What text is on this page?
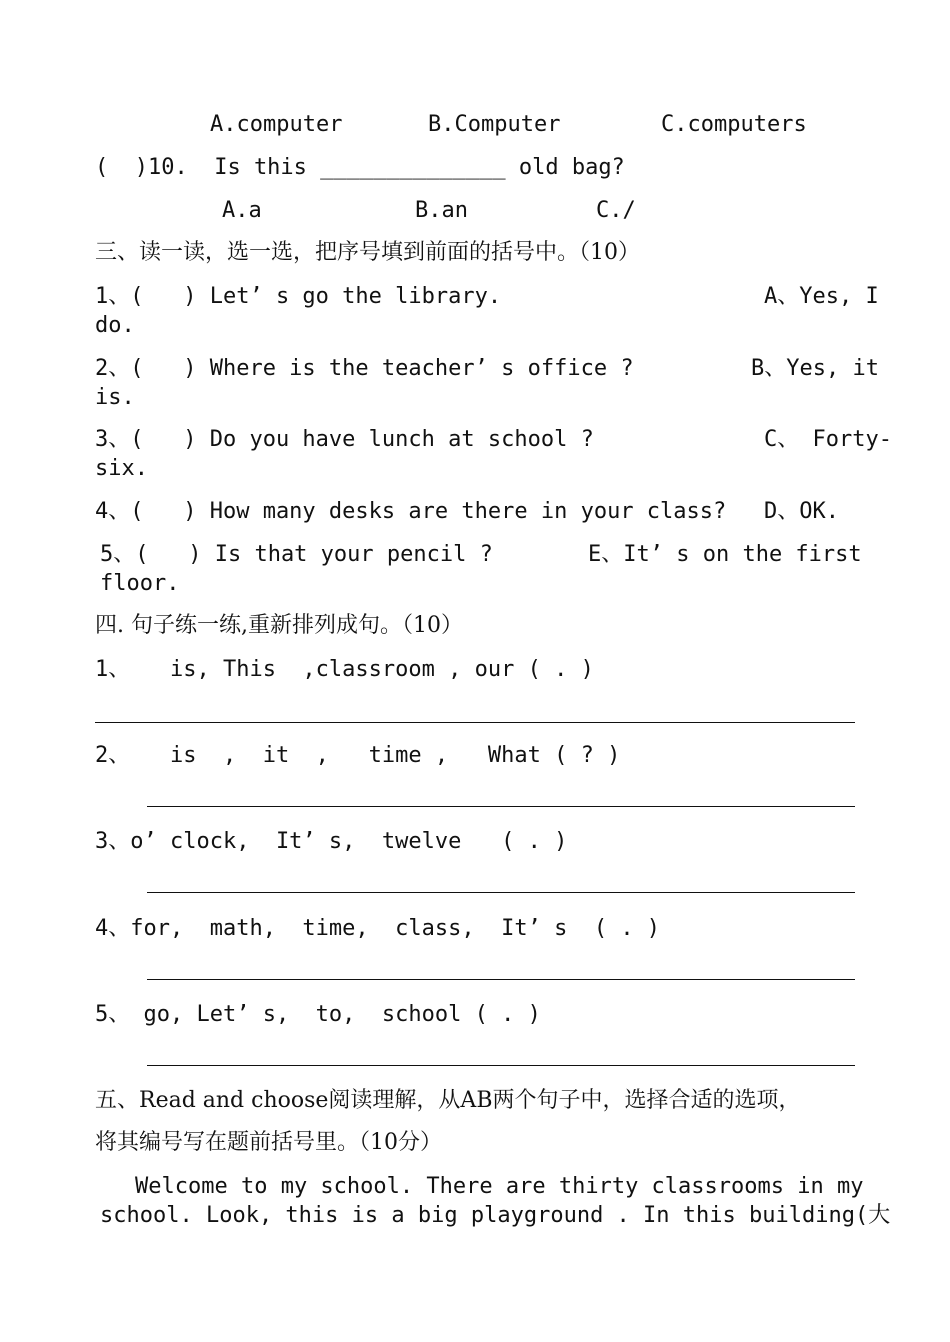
A.computer	B.Computer	C.computers
(  )10.  Is this ______________ old bag?
A.a	B.an	C./
三、读一读，选一选，把序号填到前面的括号中。（10）
1、(   ) Let’ s go the library.	A、Yes, I
do.
2、(   ) Where is the teacher’ s office ?	B、Yes, it
is.
3、(   ) Do you have lunch at school ?	C、 Forty-
six.
4、(   ) How many desks are there in your class? D、OK.
5、(   ) Is that your pencil ?	E、It’ s on the first
floor.
四. 句子练一练,重新排列成句。（10）
1、   is, This  ,classroom , our ( . )
2、   is  ,  it  ,   time ,   What ( ? )
3、o’ clock,  It’ s,  twelve   ( . )
4、for,  math,  time,  class,  It’ s  ( . )
5、 go, Let’ s,  to,  school ( . )
五、Read and choose阅读理解，从AB两个句子中，选择合适的选项，
将其编号写在题前括号里。（10分）
Welcome to my school. There are thirty classrooms in my
school. Look, this is a big playground . In this building(大
